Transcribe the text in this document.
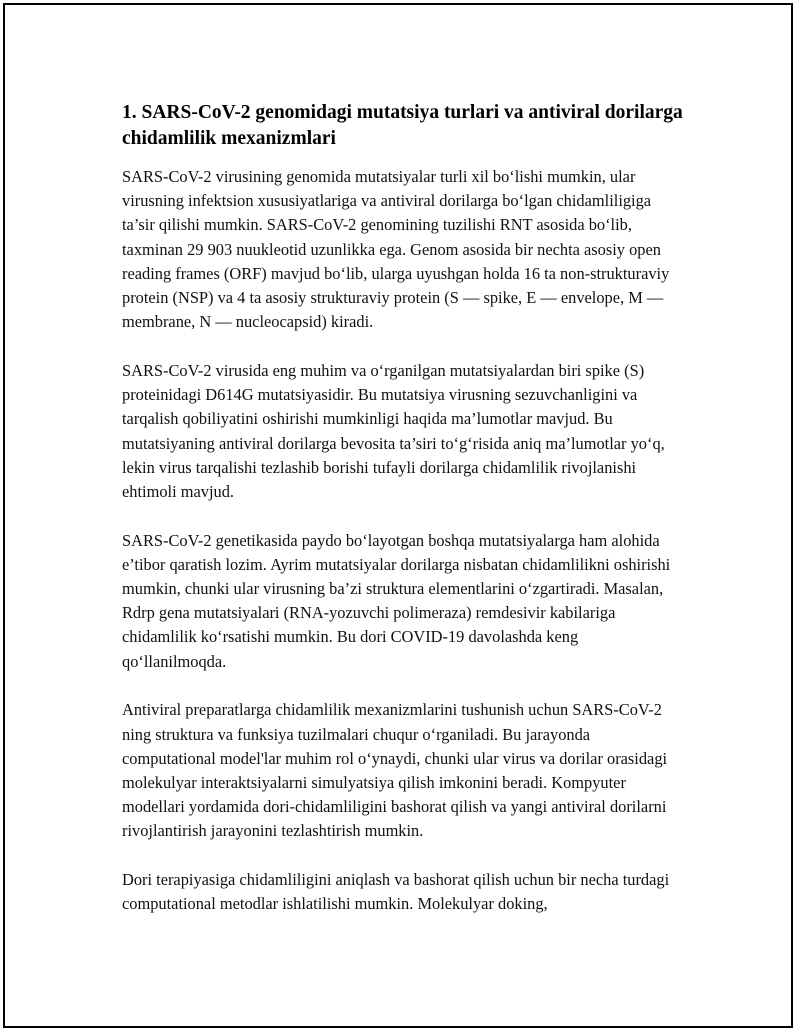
1. SARS-CoV-2 genomidagi mutatsiya turlari va antiviral dorilarga chidamlilik mexanizmlari

SARS-CoV-2 virusining genomida mutatsiyalar turli xil bo‘lishi mumkin, ular virusning infektsion xususiyatlariga va antiviral dorilarga bo‘lgan chidamliligiga ta’sir qilishi mumkin. SARS-CoV-2 genomining tuzilishi RNT asosida bo‘lib, taxminan 29 903 nuukleotid uzunlikka ega. Genom asosida bir nechta asosiy open reading frames (ORF) mavjud bo‘lib, ularga uyushgan holda 16 ta non-strukturaviy protein (NSP) va 4 ta asosiy strukturaviy protein (S — spike, E — envelope, M — membrane, N — nucleocapsid) kiradi.

SARS-CoV-2 virusida eng muhim va o‘rganilgan mutatsiyalardan biri spike (S) proteinidagi D614G mutatsiyasidir. Bu mutatsiya virusning sezuvchanligini va tarqalish qobiliyatini oshirishi mumkinligi haqida ma’lumotlar mavjud. Bu mutatsiyaning antiviral dorilarga bevosita ta’siri to‘g‘risida aniq ma’lumotlar yo‘q, lekin virus tarqalishi tezlashib borishi tufayli dorilarga chidamlilik rivojlanishi ehtimoli mavjud.

SARS-CoV-2 genetikasida paydo bo‘layotgan boshqa mutatsiyalarga ham alohida e’tibor qaratish lozim. Ayrim mutatsiyalar dorilarga nisbatan chidamlilikni oshirishi mumkin, chunki ular virusning ba’zi struktura elementlarini o‘zgartiradi. Masalan, Rdrp gena mutatsiyalari (RNA-yozuvchi polimeraza) remdesivir kabilariga chidamlilik ko‘rsatishi mumkin. Bu dori COVID-19 davolashda keng qo‘llanilmoqda.

Antiviral preparatlarga chidamlilik mexanizmlarini tushunish uchun SARS-CoV-2 ning struktura va funksiya tuzilmalari chuqur o‘rganiladi. Bu jarayonda computational model'lar muhim rol o‘ynaydi, chunki ular virus va dorilar orasidagi molekulyar interaktsiyalarni simulyatsiya qilish imkonini beradi. Kompyuter modellari yordamida dori-chidamliligini bashorat qilish va yangi antiviral dorilarni rivojlantirish jarayonini tezlashtirish mumkin.

Dori terapiyasiga chidamliligini aniqlash va bashorat qilish uchun bir necha turdagi computational metodlar ishlatilishi mumkin. Molekulyar doking,
